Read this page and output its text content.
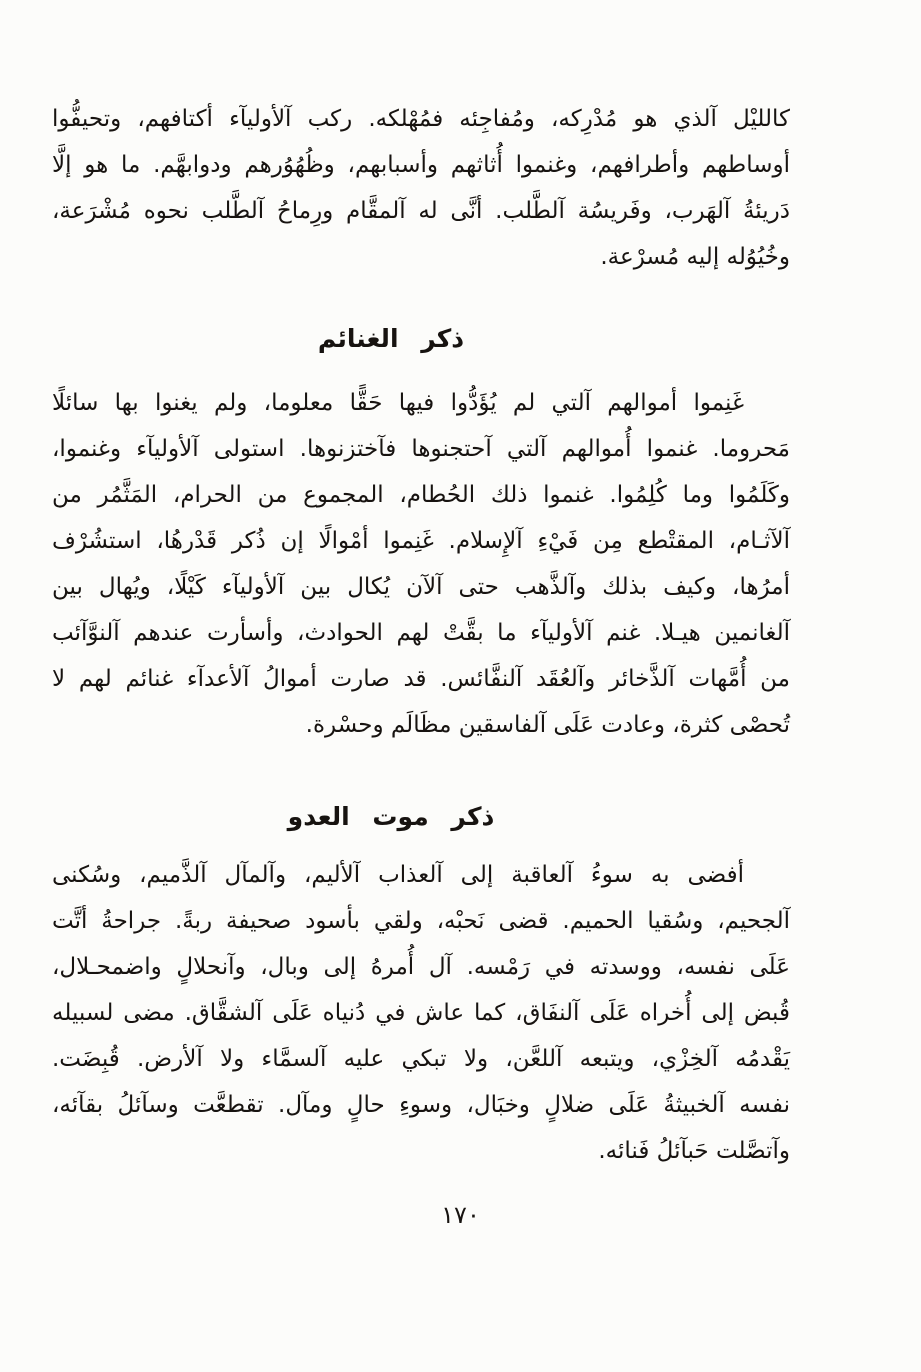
كالليْل آلذي هو مُدْرِكه، ومُفاجِئه فمُهْلكه. ركب آلأوليآء أكتافهم، وتحيفُّوا
أوساطهم وأطرافهم، وغنموا أُثاثهم وأسبابهم، وظُهُوُرهم ودوابهَّم. ما هو إلَّا
دَريئةُ آلهَرب، وفَريسُة آلطَّلب. أنَّى له آلمقَّام ورِماحُ آلطَّلب نحوه مُشْرَعة،
وخُيُوُله إليه مُسرْعة.
ذكر الغنائم
غَنِموا أموالهم آلتي لم يُؤَدُّوا فيها حَقًّا معلوما، ولم يغنوا بها سائلًا
مَحروما. غنموا أُموالهم آلتي آحتجنوها فآختزنوها. استولى آلأوليآء وغنموا،
وكَلَمُوا وما كُلِمُوا. غنموا ذلك الحُطام، المجموع من الحرام، المَثَّمُر من
آلآثـام، المقتْطع مِن فَيْءِ آلإِسلام. غَنِموا أمْوالًا إن ذُكر قَدْرهُا، استشُرْف
أمرُها، وكيف بذلك وآلذَّهب حتى آلآن يُكال بين آلأوليآء كَيْلًا، ويُهال بين
آلغانمين هيـلا. غنم آلأوليآء ما بقَّتْ لهم الحوادث، وأسأرت عندهم آلنوَّآئب
من أُمَّهات آلذَّخائر وآلعُقَد آلنفَّائس. قد صارت أموالُ آلأعدآء غنائم لهم لا
تُحصْى كثرة، وعادت عَلَى آلفاسقين مظَالَم وحسْرة.
ذكر موت العدو
أفضى به سوءُ آلعاقبة إلى آلعذاب آلأليم، وآلمآل آلذَّميم، وسُكنى
آلجحيم، وسُقيا الحميم. قضى نَحبْه، ولقي بأسود صحيفة ربةً. جراحةُ أتَّت
عَلَى نفسه، ووسدته في رَمْسه. آل أُمرهُ إلى وبال، وآنحلالٍ واضمحـلال،
قُبض إلى أُخراه عَلَى آلنفَاق، كما عاش في دُنياه عَلَى آلشقَّاق. مضى لسبيله
يَقْدمُه آلخِزْي، ويتبعه آللعَّن، ولا تبكي عليه آلسمَّاء ولا آلأرض. قُبِضَت.
نفسه آلخبيثةُ عَلَى ضلالٍ وخبَال، وسوءِ حالٍ ومآل. تقطعَّت وسآئلُ بقآئه،
وآتصَّلت حَبآئلُ فَنائه.
١٧٠
